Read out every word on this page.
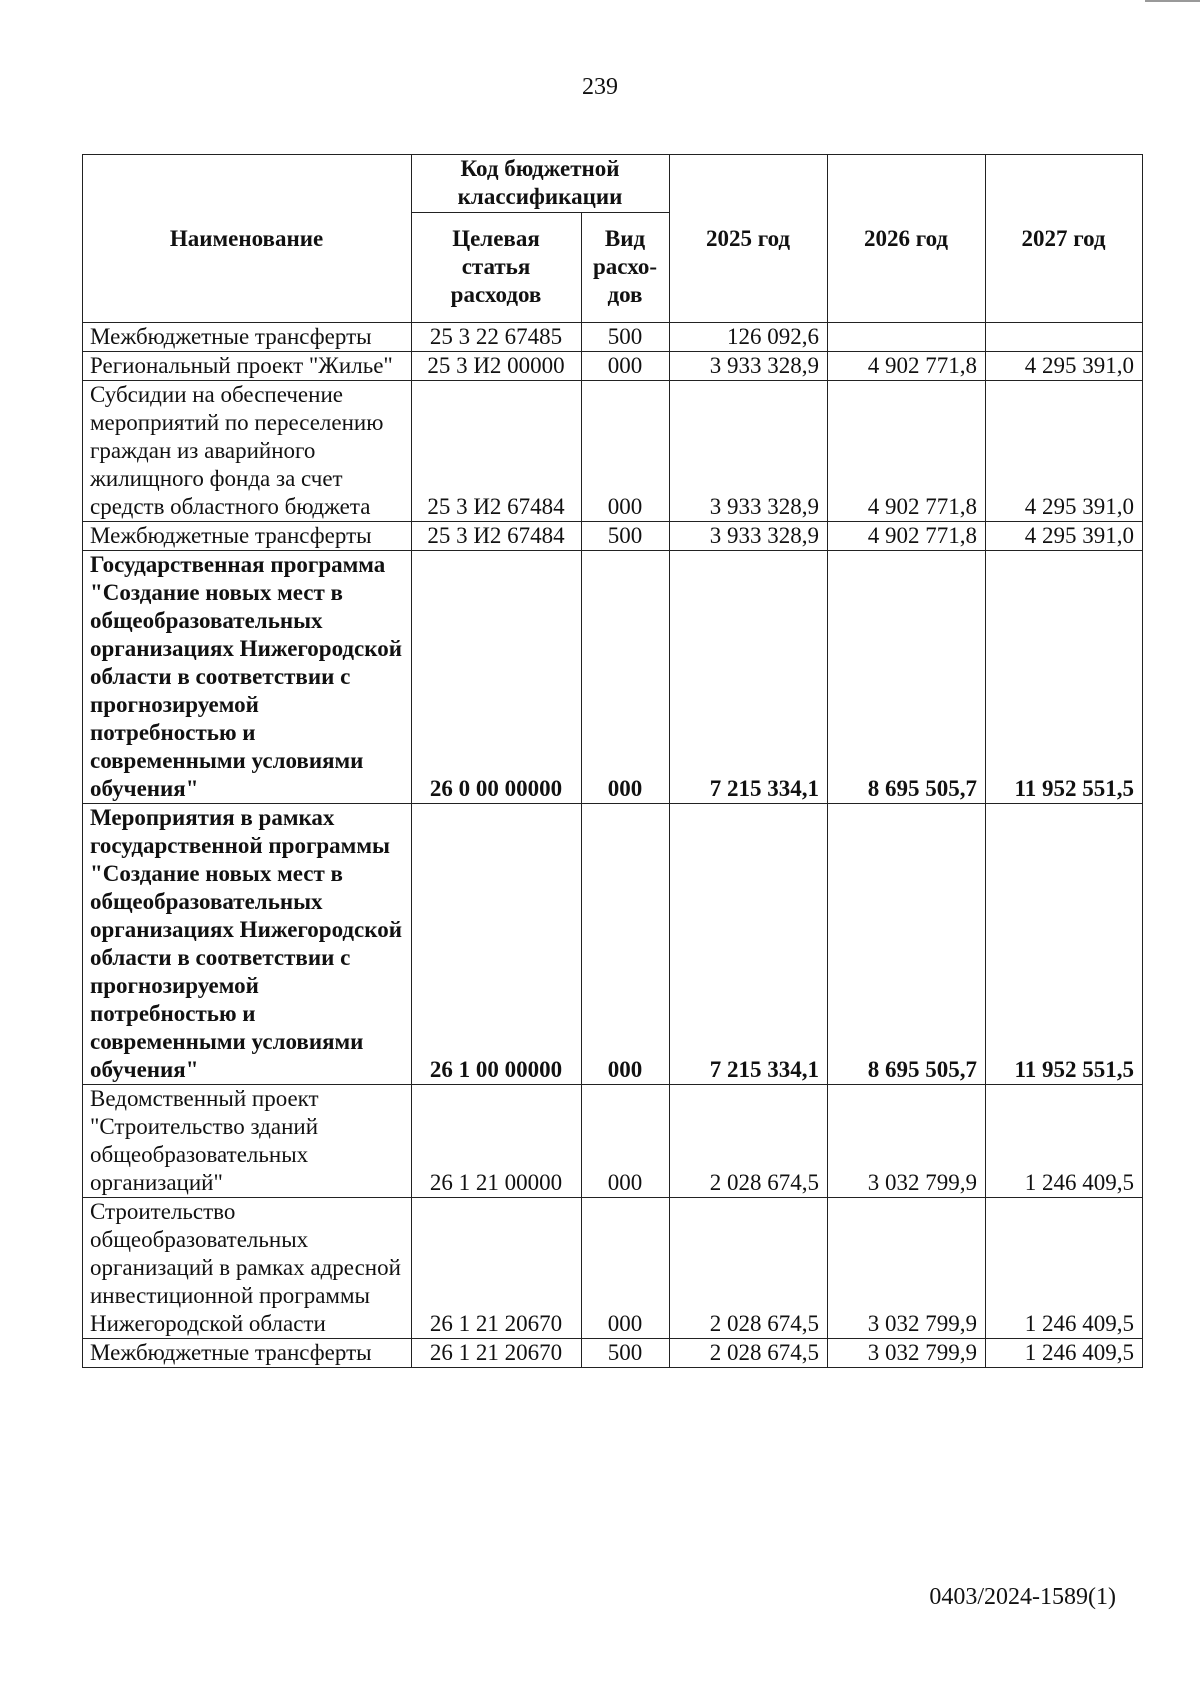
239
Наименование	Код бюджетной классификации		2025 год	2026 год	2027 год
	Целевая статья расходов	Вид расхо-дов			
Межбюджетные трансферты	25 3 22 67485	500	126 092,6		
Региональный проект "Жилье"	25 3 И2 00000	000	3 933 328,9	4 902 771,8	4 295 391,0
Субсидии на обеспечение мероприятий по переселению граждан из аварийного жилищного фонда за счет средств областного бюджета	25 3 И2 67484	000	3 933 328,9	4 902 771,8	4 295 391,0
Межбюджетные трансферты	25 3 И2 67484	500	3 933 328,9	4 902 771,8	4 295 391,0
Государственная программа "Создание новых мест в общеобразовательных организациях Нижегородской области в соответствии с прогнозируемой потребностью и современными условиями обучения"	26 0 00 00000	000	7 215 334,1	8 695 505,7	11 952 551,5
Мероприятия в рамках государственной программы "Создание новых мест в общеобразовательных организациях Нижегородской области в соответствии с прогнозируемой потребностью и современными условиями обучения"	26 1 00 00000	000	7 215 334,1	8 695 505,7	11 952 551,5
Ведомственный проект "Строительство зданий общеобразовательных организаций"	26 1 21 00000	000	2 028 674,5	3 032 799,9	1 246 409,5
Строительство общеобразовательных организаций в рамках адресной инвестиционной программы Нижегородской области	26 1 21 20670	000	2 028 674,5	3 032 799,9	1 246 409,5
Межбюджетные трансферты	26 1 21 20670	500	2 028 674,5	3 032 799,9	1 246 409,5
0403/2024-1589(1)
